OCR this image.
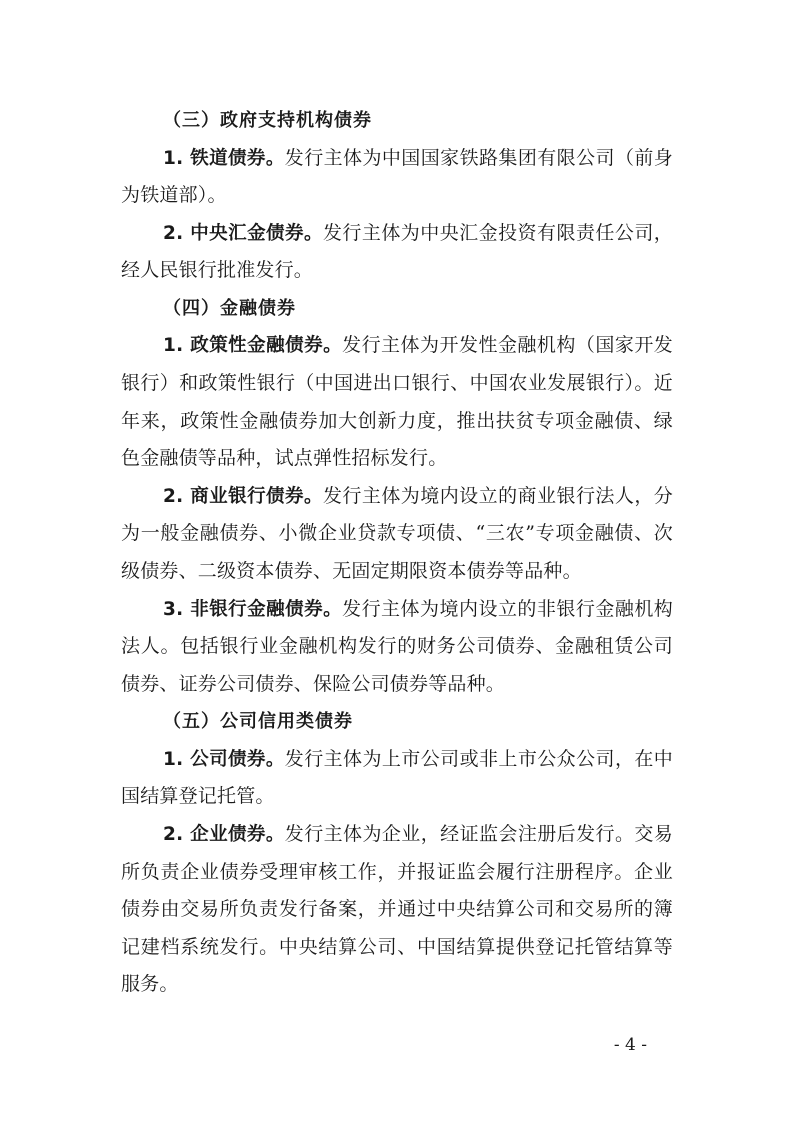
（三）政府支持机构债券

1. 铁道债券。发行主体为中国国家铁路集团有限公司（前身为铁道部）。

2. 中央汇金债券。发行主体为中央汇金投资有限责任公司，经人民银行批准发行。

（四）金融债券

1. 政策性金融债券。发行主体为开发性金融机构（国家开发银行）和政策性银行（中国进出口银行、中国农业发展银行）。近年来，政策性金融债券加大创新力度，推出扶贫专项金融债、绿色金融债等品种，试点弹性招标发行。

2. 商业银行债券。发行主体为境内设立的商业银行法人，分为一般金融债券、小微企业贷款专项债、“三农”专项金融债、次级债券、二级资本债券、无固定期限资本债券等品种。

3. 非银行金融债券。发行主体为境内设立的非银行金融机构法人。包括银行业金融机构发行的财务公司债券、金融租赁公司债券、证券公司债券、保险公司债券等品种。

（五）公司信用类债券

1. 公司债券。发行主体为上市公司或非上市公众公司，在中国结算登记托管。

2. 企业债券。发行主体为企业，经证监会注册后发行。交易所负责企业债券受理审核工作，并报证监会履行注册程序。企业债券由交易所负责发行备案，并通过中央结算公司和交易所的簿记建档系统发行。中央结算公司、中国结算提供登记托管结算等服务。

- 4 -
